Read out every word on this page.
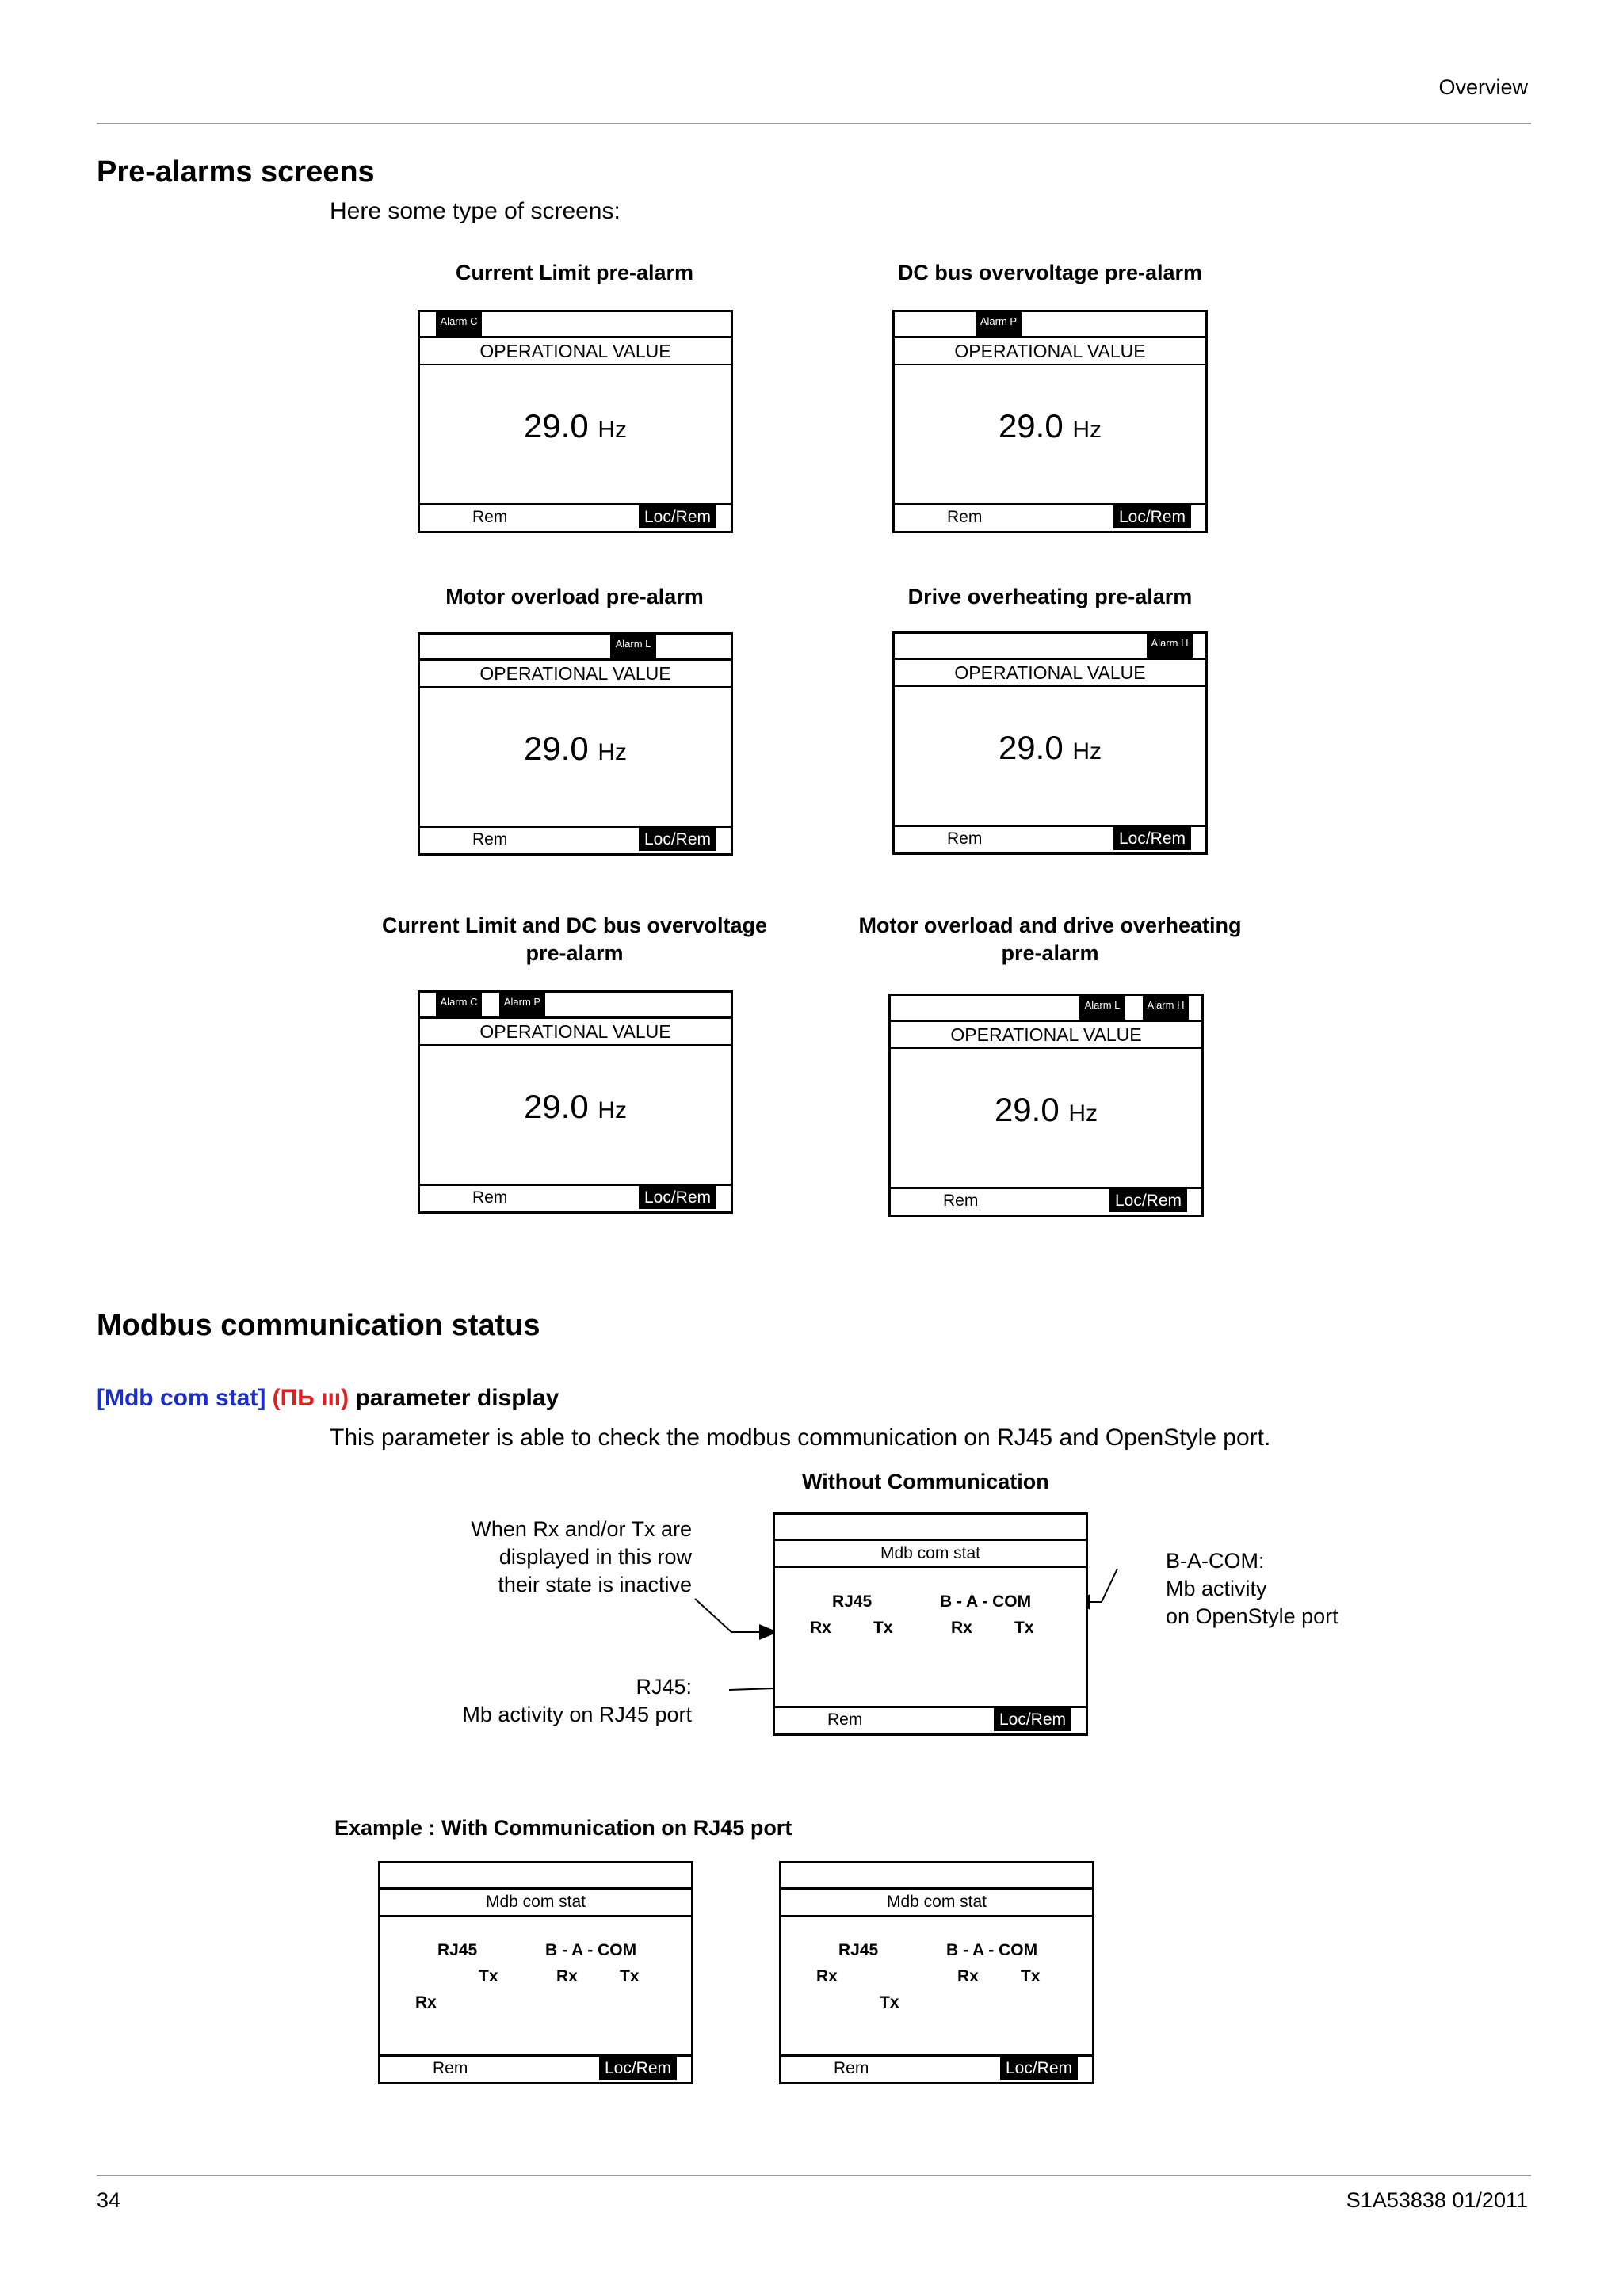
Overview
Pre-alarms screens
Here some type of screens:
Current Limit pre-alarm
Alarm C
OPERATIONAL VALUE
29.0 Hz
Rem	Loc/Rem
DC bus overvoltage pre-alarm
Alarm P
OPERATIONAL VALUE
29.0 Hz
Rem	Loc/Rem
Motor overload pre-alarm
Alarm L
OPERATIONAL VALUE
29.0 Hz
Rem	Loc/Rem
Drive overheating pre-alarm
Alarm H
OPERATIONAL VALUE
29.0 Hz
Rem	Loc/Rem
Current Limit and DC bus overvoltage
pre-alarm
Alarm C	Alarm P
OPERATIONAL VALUE
29.0 Hz
Rem	Loc/Rem
Motor overload and drive overheating
pre-alarm
Alarm L	Alarm H
OPERATIONAL VALUE
29.0 Hz
Rem	Loc/Rem
Modbus communication status
[Mdb com stat] (ПЬ ııı) parameter display
This parameter is able to check the modbus communication on RJ45 and OpenStyle port.
Without Communication
When Rx and/or Tx are
displayed in this row
their state is inactive
RJ45:
Mb activity on RJ45 port
B-A-COM:
Mb activity
on OpenStyle port
Mdb com stat
RJ45	B - A - COM
Rx	Tx	Rx	Tx
Rem	Loc/Rem
Example : With Communication on RJ45 port
Mdb com stat
RJ45	B - A - COM
Tx	Rx	Tx
Rx
Rem	Loc/Rem
Mdb com stat
RJ45	B - A - COM
Rx	Rx	Tx
Tx
Rem	Loc/Rem
34	S1A53838 01/2011
